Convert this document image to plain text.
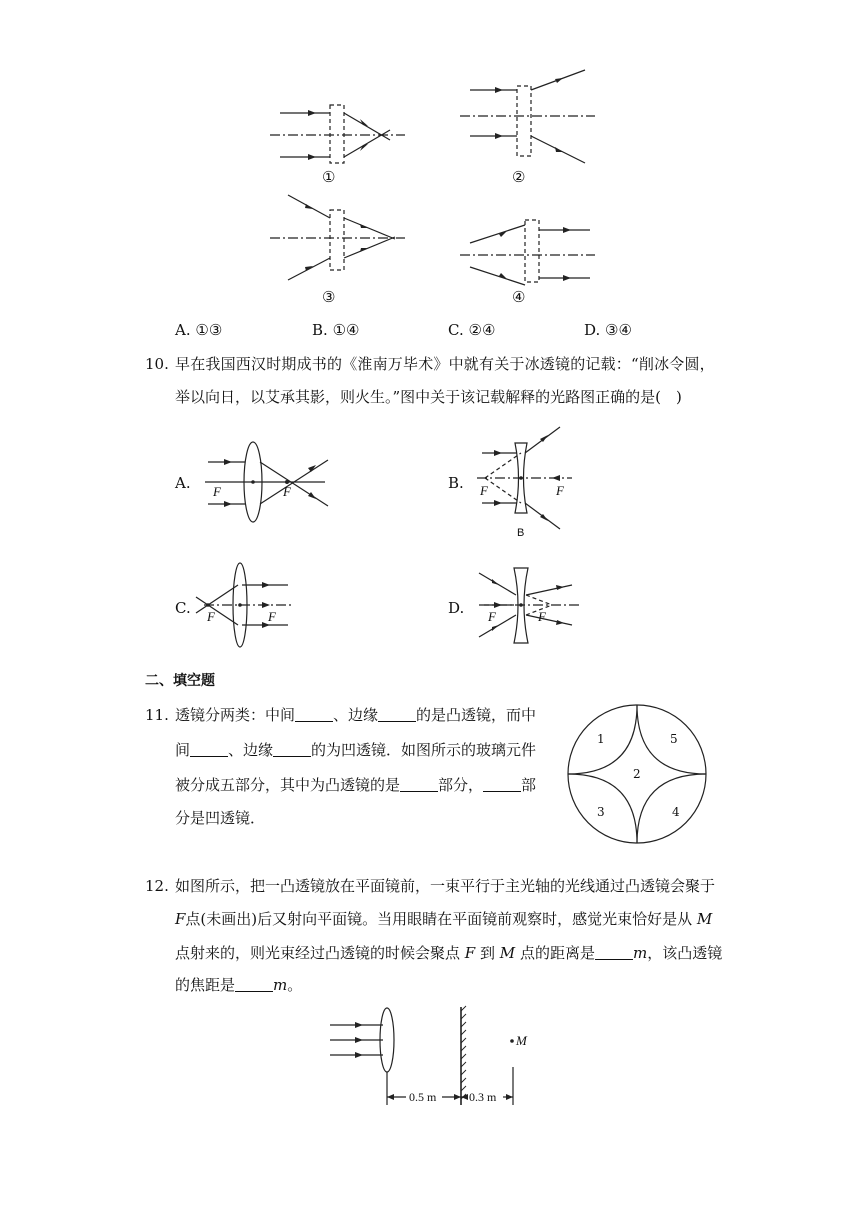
①	②
③	④
A. ①③	B. ①④	C. ②④	D. ③④
10. 早在我国西汉时期成书的《淮南万毕术》中就有关于冰透镜的记载：“削冰令圆，
举以向日，以艾承其影，则火生。”图中关于该记载解释的光路图正确的是(　)
A. F	F	B. F	F
B
C. F	F	D. F	F
二、填空题
11. 透镜分两类：中间	、边缘	的是凸透镜，而中
间	、边缘	的为凹透镜．如图所示的玻璃元件
被分成五部分，其中为凸透镜的是	部分，	部
分是凹透镜．
1
2
3	4
5
12. 如图所示，把一凸透镜放在平面镜前，一束平行于主光轴的光线通过凸透镜会聚于
F点(未画出)后又射向平面镜。当用眼睛在平面镜前观察时，感觉光束恰好是从 M
点射来的，则光束经过凸透镜的时候会聚点 F 到 M 点的距离是	m，该凸透镜
的焦距是	m。
M
0.5 m	0.3 m
